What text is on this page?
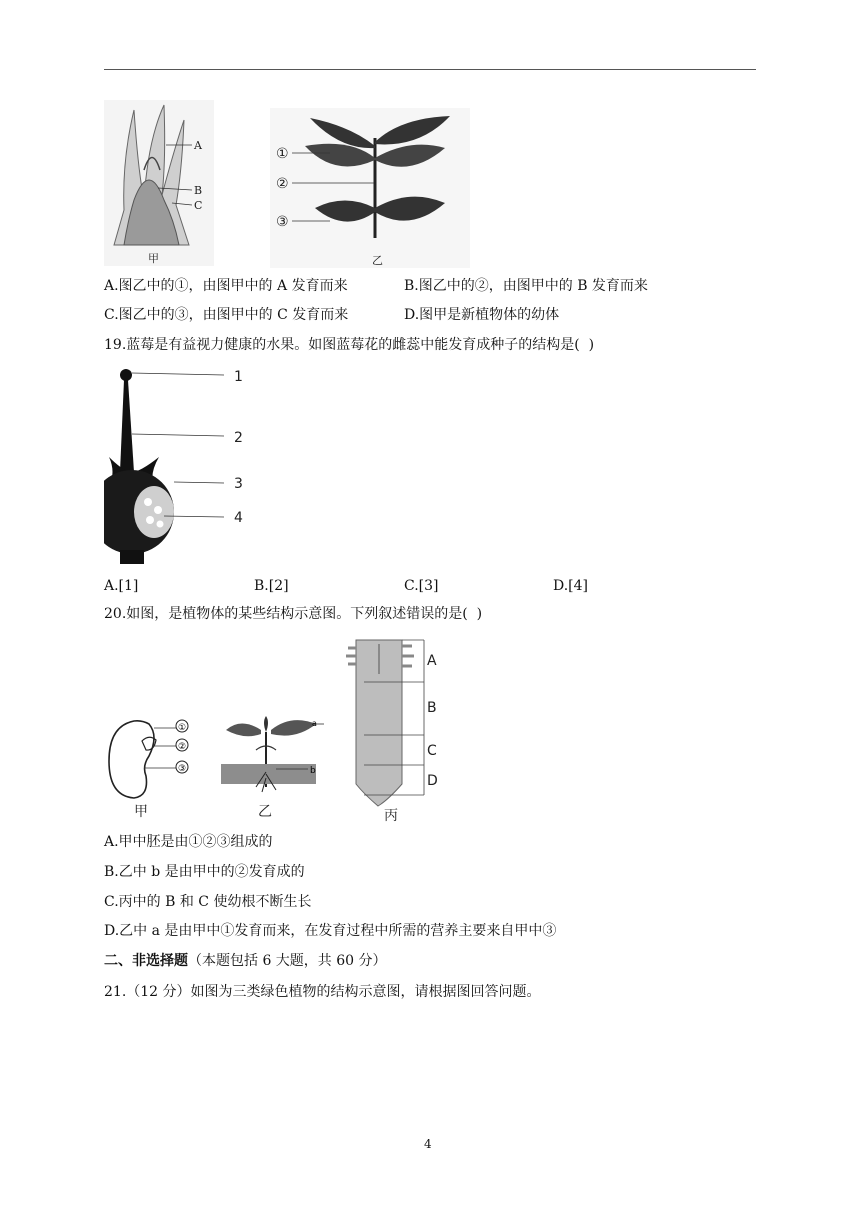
A
B
C
甲
①
②
③
乙
A.图乙中的①，由图甲中的 A 发育而来	B.图乙中的②，由图甲中的 B 发育而来
C.图乙中的③，由图甲中的 C 发育而来	D.图甲是新植物体的幼体
19.蓝莓是有益视力健康的水果。如图蓝莓花的雌蕊中能发育成种子的结构是(  )
1
2
3
4
A.[1]	B.[2]	C.[3]	D.[4]
20.如图，是植物体的某些结构示意图。下列叙述错误的是(  )
①
②
③
甲
a
b
乙
A
B
C
D
丙
A.甲中胚是由①②③组成的
B.乙中 b 是由甲中的②发育成的
C.丙中的 B 和 C 使幼根不断生长
D.乙中 a 是由甲中①发育而来，在发育过程中所需的营养主要来自甲中③
二、非选择题（本题包括 6 大题，共 60 分）
21.（12 分）如图为三类绿色植物的结构示意图，请根据图回答问题。
4
